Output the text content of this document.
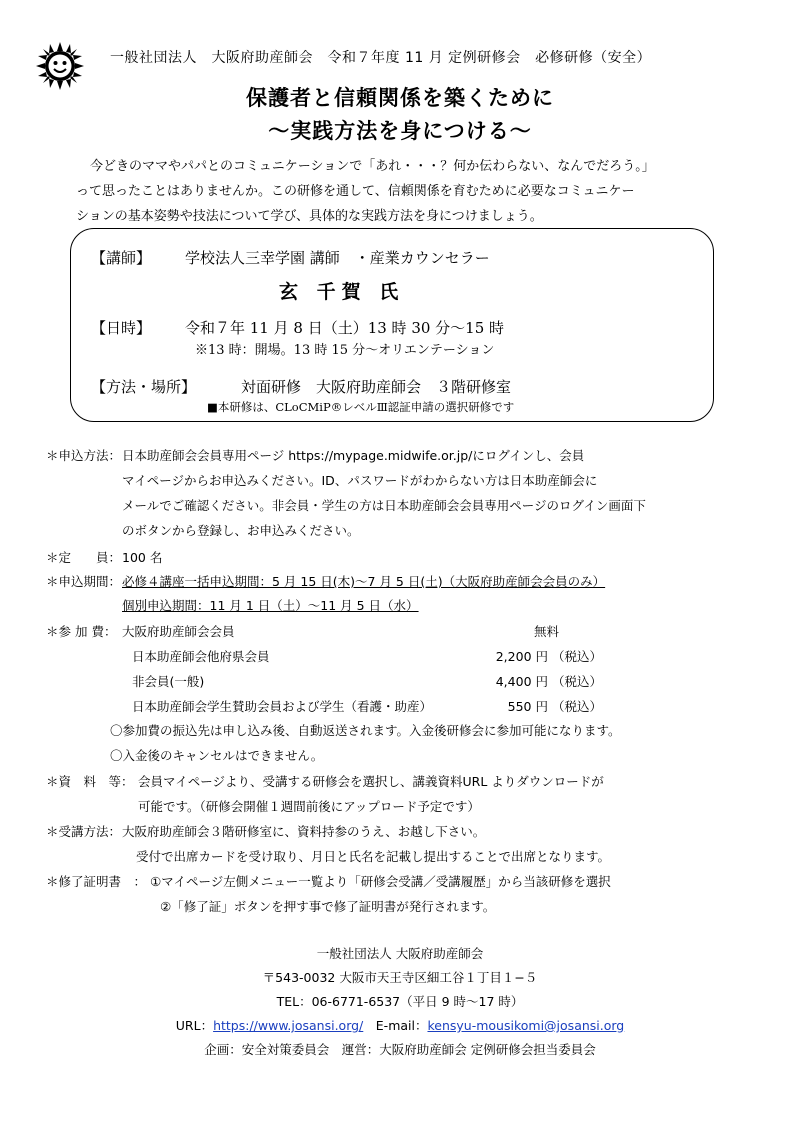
一般社団法人　大阪府助産師会　令和７年度 11 月 定例研修会　必修研修（安全）
保護者と信頼関係を築くために
～実践方法を身につける～

今どきのママやパパとのコミュニケーションで「あれ・・・？何か伝わらない、なんでだろう。」

って思ったことはありませんか。この研修を通して、信頼関係を育むために必要なコミュニケー

ションの基本姿勢や技法について学び、具体的な実践方法を身につけましょう。

【講師】 学校法人三幸学園 講師　・産業カウンセラー
玄 千賀 氏
【日時】 令和７年 11 月 8 日（土）13 時 30 分～15 時
※13 時：開場。13 時 15 分～オリエンテーション
【方法・場所】	対面研修　大阪府助産師会　３階研修室
■本研修は、CLoCMiP®レベルⅢ認証申請の選択研修です
＊申込方法： 日本助産師会会員専用ページ https://mypage.midwife.or.jp/にログインし、会員
マイページからお申込みください。ID、パスワードがわからない方は日本助産師会に
メールでご確認ください。非会員・学生の方は日本助産師会会員専用ページのログイン画面下
のボタンから登録し、お申込みください。
＊定　　員： 100 名
＊申込期間： 必修４講座一括申込期間：5 月 15 日(木)～7 月 5 日(土)（大阪府助産師会会員のみ）
個別申込期間：11 月 1 日（土）～11 月 5 日（水）
＊参 加 費： 大阪府助産師会会員	無料
日本助産師会他府県会員	2,200 円 （税込）
非会員(一般)	4,400 円 （税込）
日本助産師会学生賛助会員および学生（看護・助産）	550 円 （税込）
〇参加費の振込先は申し込み後、自動返送されます。入金後研修会に参加可能になります。
〇入金後のキャンセルはできません。
＊資　料　等： 会員マイページより、受講する研修会を選択し、講義資料URL よりダウンロードが
可能です。（研修会開催１週間前後にアップロード予定です）
＊受講方法： 大阪府助産師会３階研修室に、資料持参のうえ、お越し下さい。
受付で出席カードを受け取り、月日と氏名を記載し提出することで出席となります。
＊修了証明書　： ①マイページ左側メニュー一覧より「研修会受講／受講履歴」から当該研修を選択
②「修了証」ボタンを押す事で修了証明書が発行されます。
一般社団法人 大阪府助産師会
〒543-0032 大阪市天王寺区細工谷１丁目１−５
TEL：06-6771-6537（平日 9 時～17 時）
URL：https://www.josansi.org/　E-mail：kensyu-mousikomi@josansi.org
企画：安全対策委員会　運営：大阪府助産師会 定例研修会担当委員会
